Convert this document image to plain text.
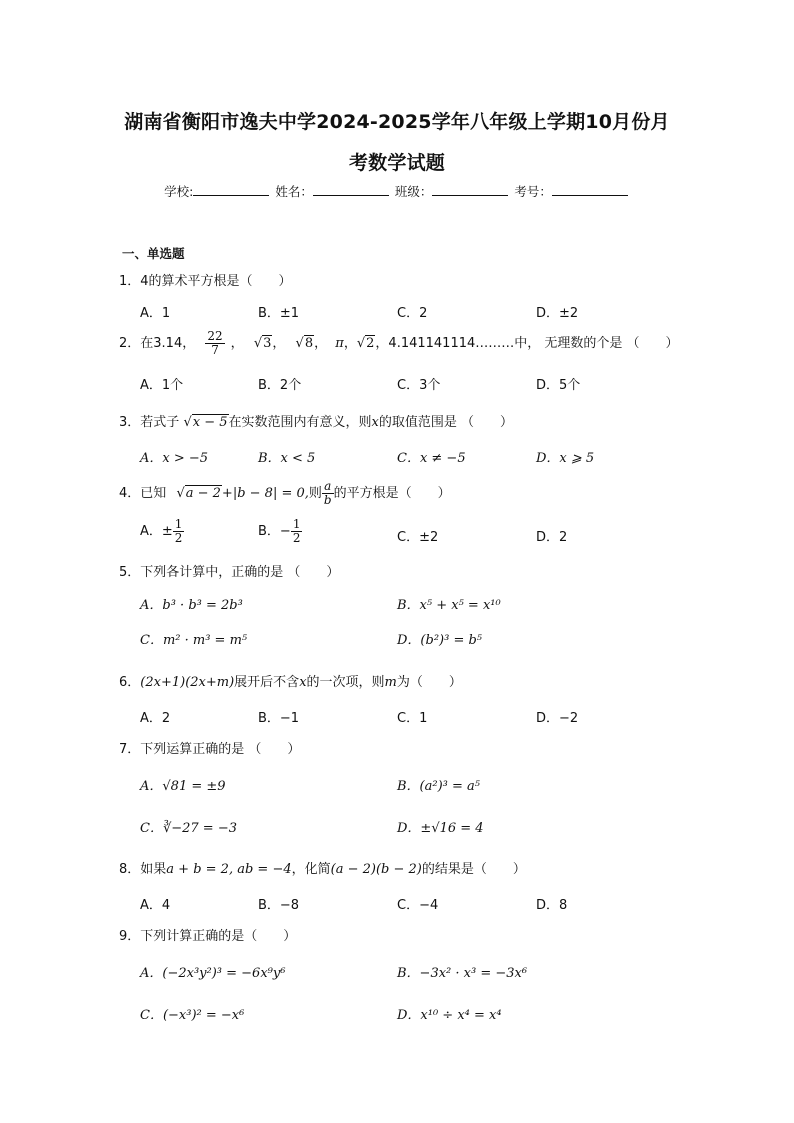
湖南省衡阳市逸夫中学2024-2025学年八年级上学期10月份月
考数学试题
学校:	姓名：	班级：	考号：
一、单选题
1．4的算术平方根是（　　）
A．1	B．±1	C．2	D．±2
2．在3.14， $\frac{22}{7}$ ， √3， √8， π，√2，4.141141114………中， 无理数的个是 （　　）
A．1个	B．2个	C．3个	D．5个
3．若式子 √x − 5在实数范围内有意义，则x的取值范围是 （　　）
A．x > −5	B．x < 5	C．x ≠ −5	D．x ⩾ 5
4．已知 √a − 2+|b − 8| = 0,则 $\frac{a}{b}$ 的平方根是（　　）
A．± $\frac{1}{2}$	B．− $\frac{1}{2}$	C．±2	D．2
5．下列各计算中，正确的是 （　　）
A．b³ · b³ = 2b³	B．x⁵ + x⁵ = x¹⁰
C．m² · m³ = m⁵	D．(b²)³ = b⁵
6．(2x+1)(2x+m)展开后不含x的一次项，则m为（　　）
A．2	B．−1	C．1	D．−2
7．下列运算正确的是 （　　）
A．√81 = ±9	B．(a²)³ = a⁵
C．∛−27 = −3	D．±√16 = 4
8．如果a + b = 2, ab = −4，化简(a − 2)(b − 2)的结果是（　　）
A．4	B．−8	C．−4	D．8
9．下列计算正确的是（　　）
A．(−2x³y²)³ = −6x⁹y⁶	B．−3x² · x³ = −3x⁶
C．(−x³)² = −x⁶	D．x¹⁰ ÷ x⁴ = x⁴
